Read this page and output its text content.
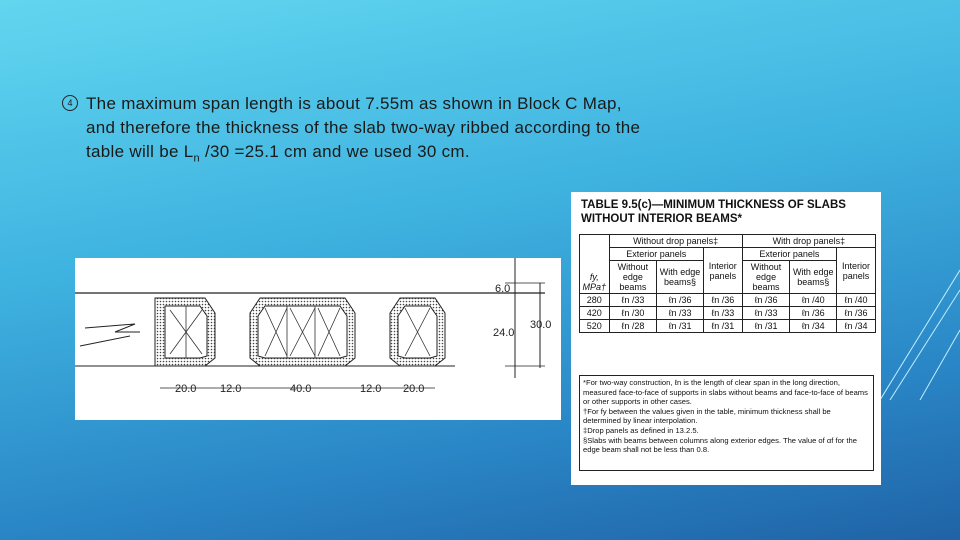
4 The maximum span length is about 7.55m as shown in Block C Map,
and therefore the thickness of the slab two-way ribbed according to the
table will be $L_n$ /30 =25.1 cm and we used 30 cm.
6.0
24.0
30.0
20.0 12.0	40.0	12.0 20.0
TABLE 9.5(c)—MINIMUM THICKNESS OF SLABS
WITHOUT INTERIOR BEAMS*
fy, MPa†	Without drop panels‡			With drop panels‡		
	Exterior panels		Interior panels	Exterior panels		Interior panels
	Without edge beams	With edge beams§		Without edge beams	With edge beams§	
280	ℓn /33	ℓn /36	ℓn /36	ℓn /36	ℓn /40	ℓn /40
420	ℓn /30	ℓn /33	ℓn /33	ℓn /33	ℓn /36	ℓn /36
520	ℓn /28	ℓn /31	ℓn /31	ℓn /31	ℓn /34	ℓn /34
*For two-way construction, ℓn is the length of clear span in the long direction, measured face-to-face of supports in slabs without beams and face-to-face of beams or other supports in other cases.
†For fy between the values given in the table, minimum thickness shall be determined by linear interpolation.
‡Drop panels as defined in 13.2.5.
§Slabs with beams between columns along exterior edges. The value of αf for the edge beam shall not be less than 0.8.
